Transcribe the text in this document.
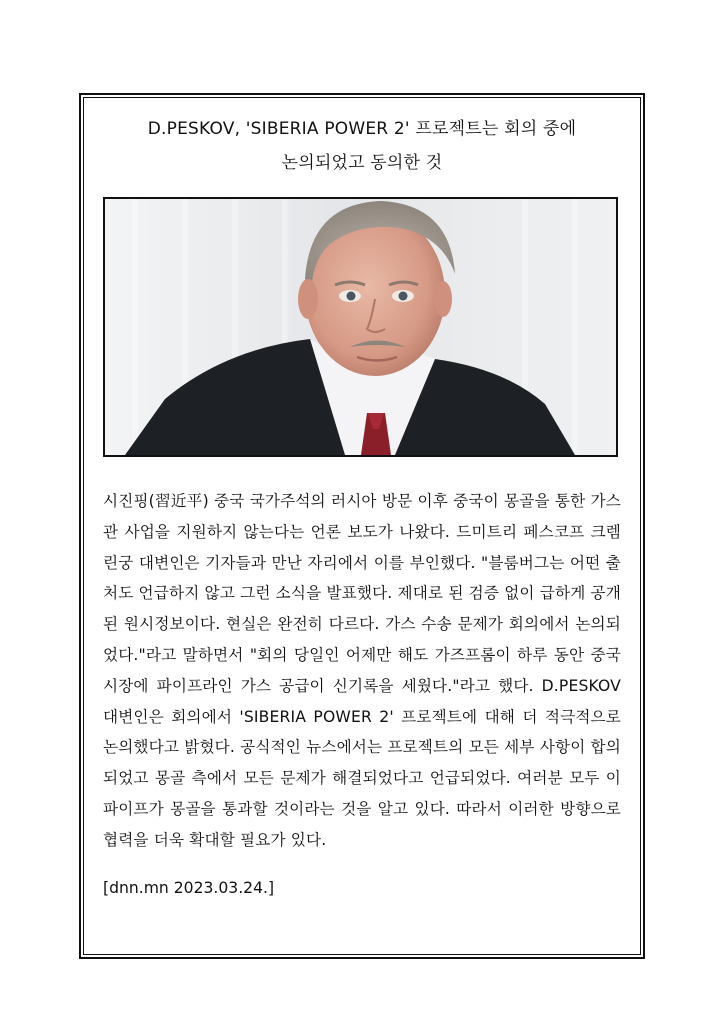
D.PESKOV, 'SIBERIA POWER 2' 프로젝트는 회의 중에
논의되었고 동의한 것
시진핑(習近平) 중국 국가주석의 러시아 방문 이후 중국이 몽골을 통한 가스관 사업을 지원하지 않는다는 언론 보도가 나왔다. 드미트리 페스코프 크렘린궁 대변인은 기자들과 만난 자리에서 이를 부인했다. "블룸버그는 어떤 출처도 언급하지 않고 그런 소식을 발표했다. 제대로 된 검증 없이 급하게 공개된 원시정보이다. 현실은 완전히 다르다. 가스 수송 문제가 회의에서 논의되었다."라고 말하면서 "회의 당일인 어제만 해도 가즈프롬이 하루 동안 중국 시장에 파이프라인 가스 공급이 신기록을 세웠다."라고 했다. D.PESKOV 대변인은 회의에서 'SIBERIA POWER 2' 프로젝트에 대해 더 적극적으로 논의했다고 밝혔다. 공식적인 뉴스에서는 프로젝트의 모든 세부 사항이 합의되었고 몽골 측에서 모든 문제가 해결되었다고 언급되었다. 여러분 모두 이 파이프가 몽골을 통과할 것이라는 것을 알고 있다. 따라서 이러한 방향으로 협력을 더욱 확대할 필요가 있다.
[dnn.mn 2023.03.24.]
